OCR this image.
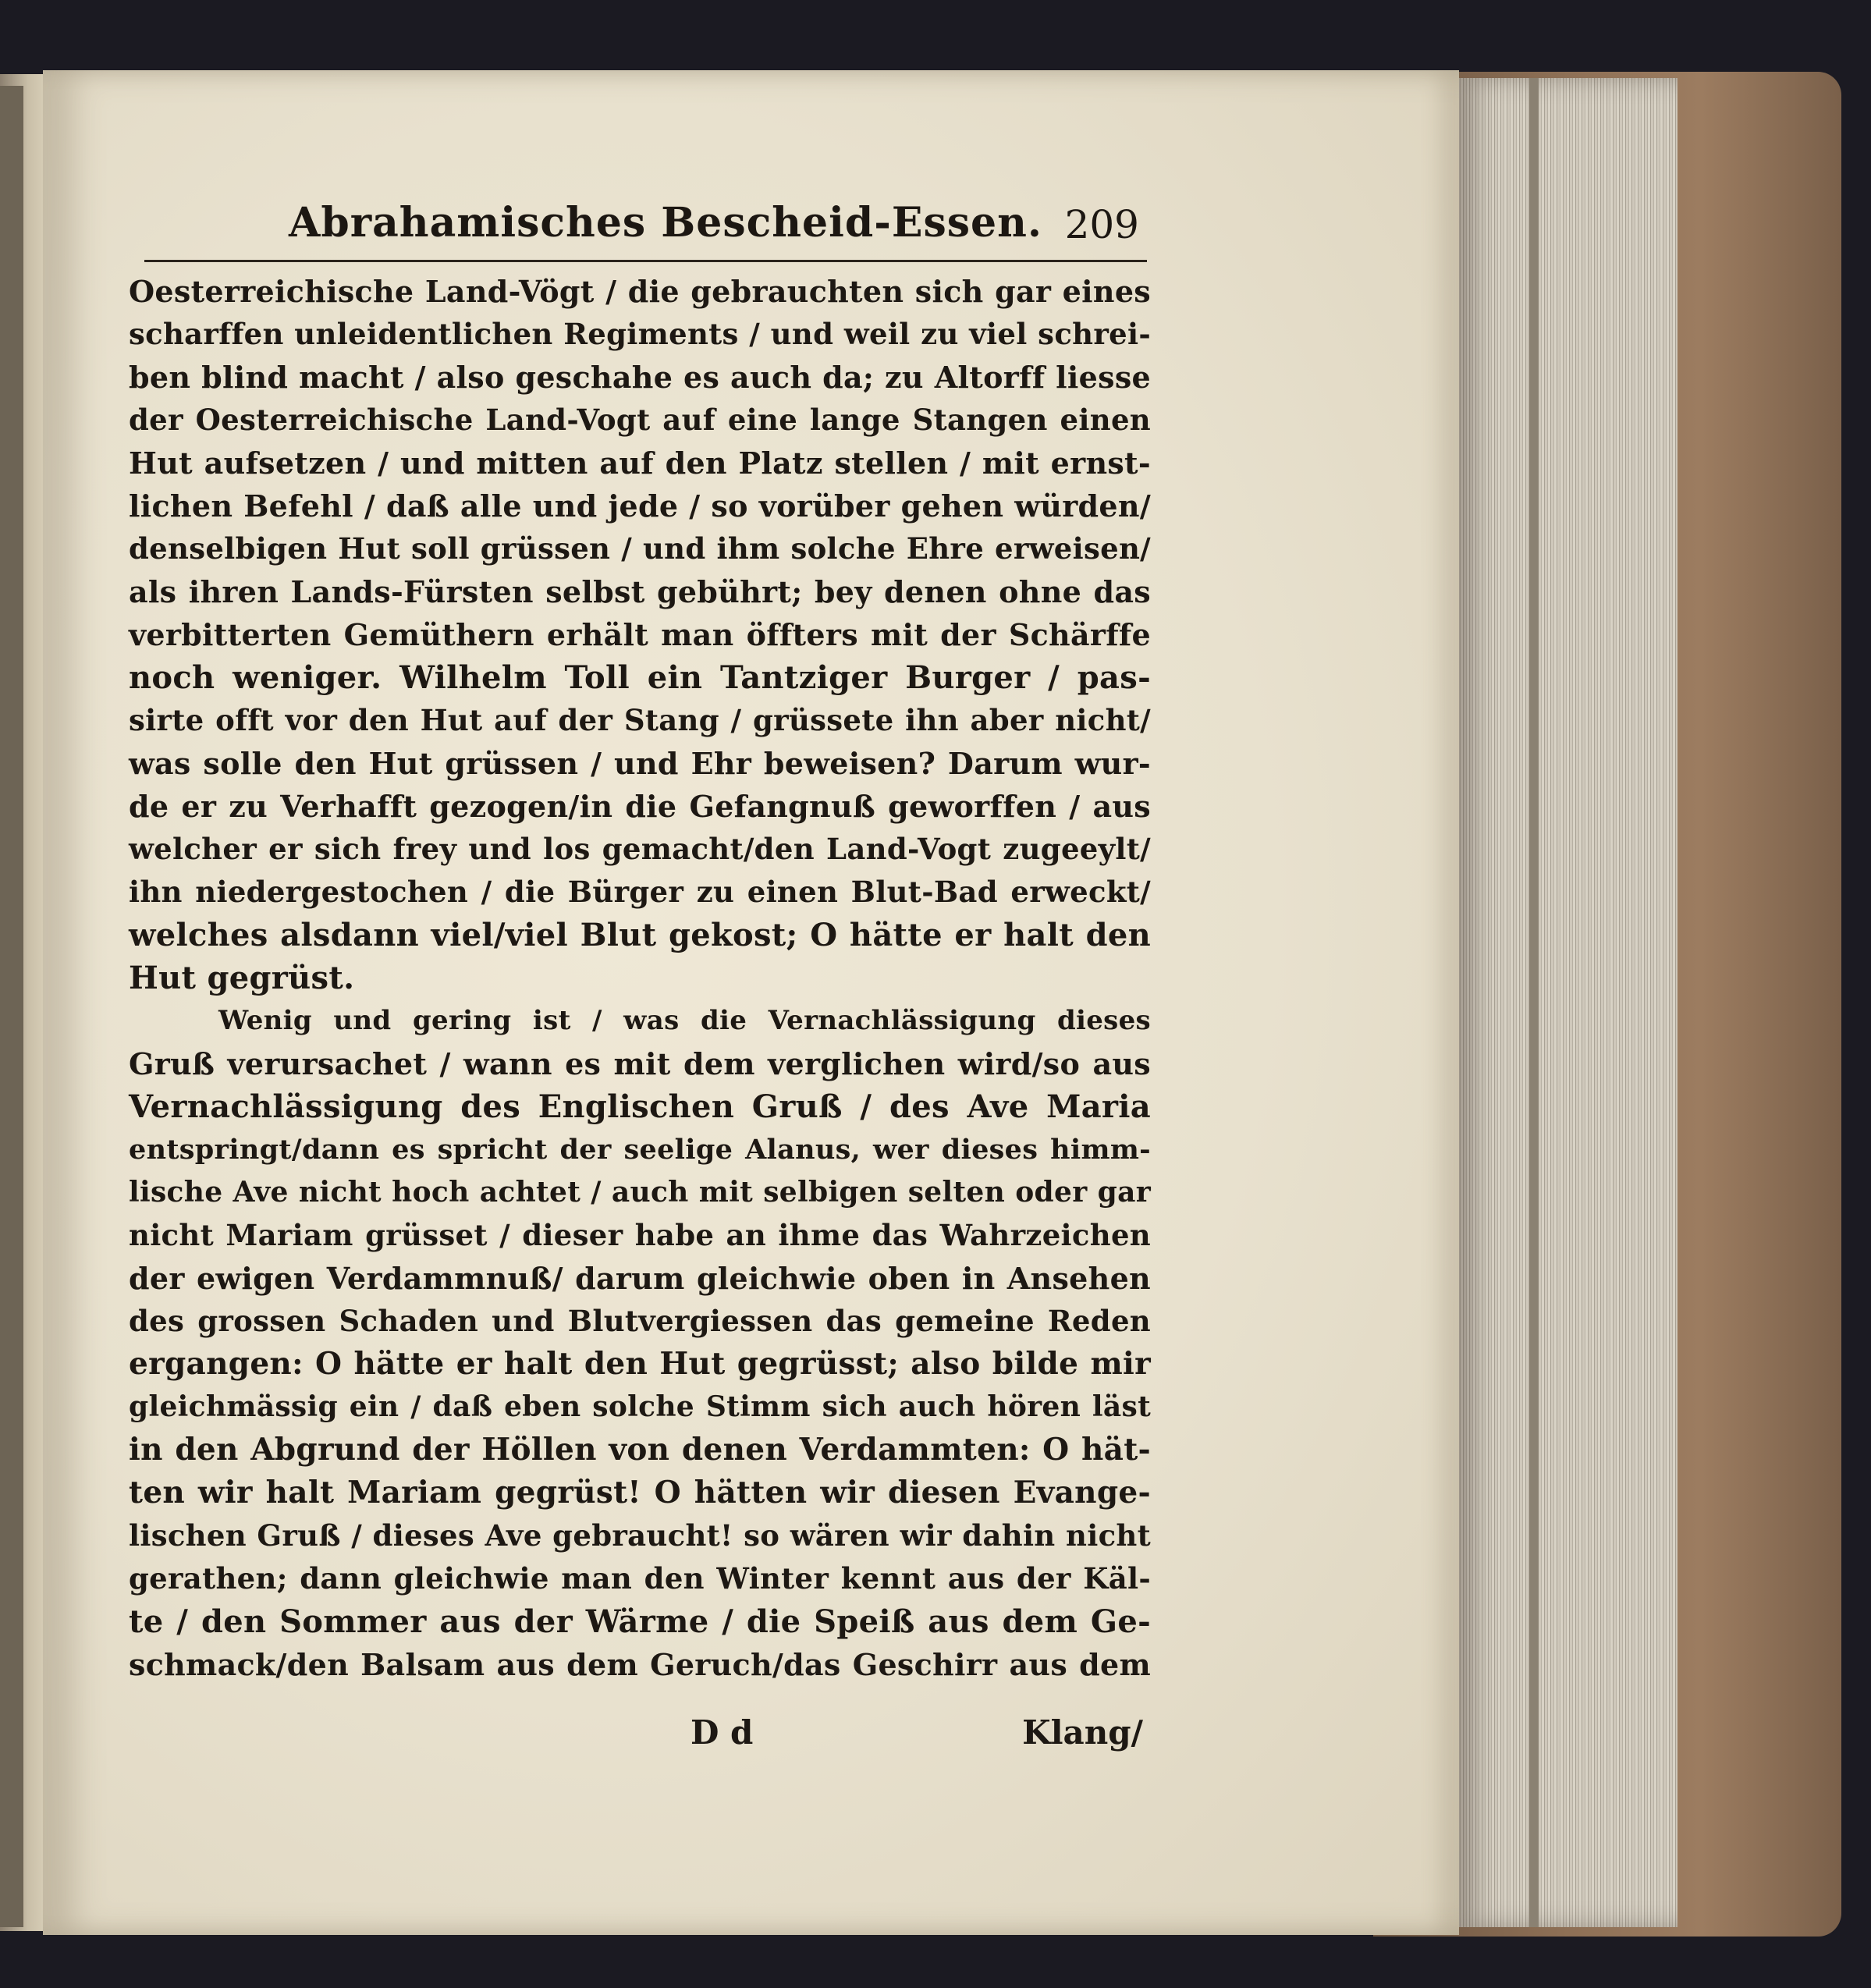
Abrahamisches Bescheid-Essen. 209
Oesterreichische Land-Vögt / die gebrauchten sich gar eines
scharffen unleidentlichen Regiments / und weil zu viel schrei-
ben blind macht / also geschahe es auch da; zu Altorff liesse
der Oesterreichische Land-Vogt auf eine lange Stangen einen
Hut aufsetzen / und mitten auf den Platz stellen / mit ernst-
lichen Befehl / daß alle und jede / so vorüber gehen würden/
denselbigen Hut soll grüssen / und ihm solche Ehre erweisen/
als ihren Lands-Fürsten selbst gebührt; bey denen ohne das
verbitterten Gemüthern erhält man öffters mit der Schärffe
noch weniger. Wilhelm Toll ein Tantziger Burger / pas-
sirte offt vor den Hut auf der Stang / grüssete ihn aber nicht/
was solle den Hut grüssen / und Ehr beweisen? Darum wur-
de er zu Verhafft gezogen/in die Gefangnuß geworffen / aus
welcher er sich frey und los gemacht/den Land-Vogt zugeeylt/
ihn niedergestochen / die Bürger zu einen Blut-Bad erweckt/
welches alsdann viel/viel Blut gekost; O hätte er halt den
Hut gegrüst.
Wenig und gering ist / was die Vernachlässigung dieses
Gruß verursachet / wann es mit dem verglichen wird/so aus
Vernachlässigung des Englischen Gruß / des Ave Maria
entspringt/dann es spricht der seelige Alanus, wer dieses himm-
lische Ave nicht hoch achtet / auch mit selbigen selten oder gar
nicht Mariam grüsset / dieser habe an ihme das Wahrzeichen
der ewigen Verdammnuß/ darum gleichwie oben in Ansehen
des grossen Schaden und Blutvergiessen das gemeine Reden
ergangen: O hätte er halt den Hut gegrüsst; also bilde mir
gleichmässig ein / daß eben solche Stimm sich auch hören läst
in den Abgrund der Höllen von denen Verdammten: O hät-
ten wir halt Mariam gegrüst! O hätten wir diesen Evange-
lischen Gruß / dieses Ave gebraucht! so wären wir dahin nicht
gerathen; dann gleichwie man den Winter kennt aus der Käl-
te / den Sommer aus der Wärme / die Speiß aus dem Ge-
schmack/den Balsam aus dem Geruch/das Geschirr aus dem
D d	Klang/
